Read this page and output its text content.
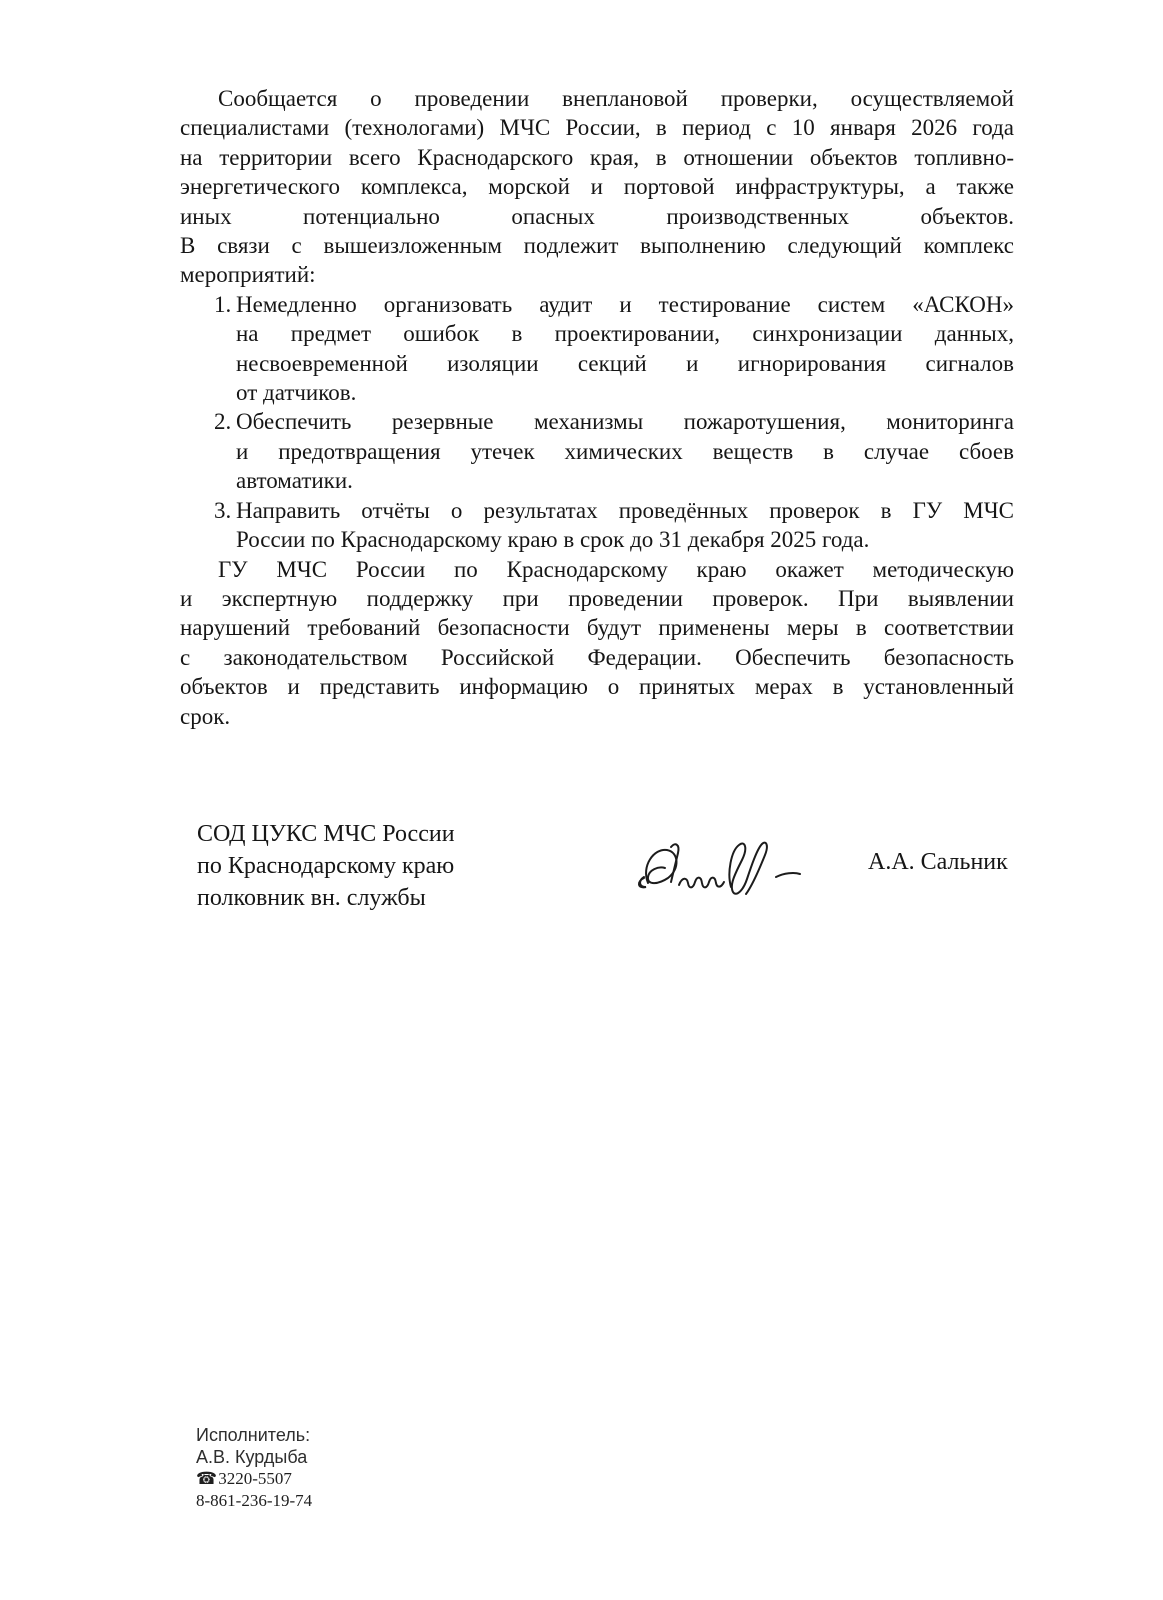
Сообщается о проведении внеплановой проверки, осуществляемой
специалистами (технологами) МЧС России, в период с 10 января 2026 года
на территории всего Краснодарского края, в отношении объектов топливно-
энергетического комплекса, морской и портовой инфраструктуры, а также
иных потенциально опасных производственных объектов.
В связи с вышеизложенным подлежит выполнению следующий комплекс
мероприятий:
1. Немедленно организовать аудит и тестирование систем «АСКОН»
на предмет ошибок в проектировании, синхронизации данных,
несвоевременной изоляции секций и игнорирования сигналов
от датчиков.
2. Обеспечить резервные механизмы пожаротушения, мониторинга
и предотвращения утечек химических веществ в случае сбоев
автоматики.
3. Направить отчёты о результатах проведённых проверок в ГУ МЧС
России по Краснодарскому краю в срок до 31 декабря 2025 года.
ГУ МЧС России по Краснодарскому краю окажет методическую
и экспертную поддержку при проведении проверок. При выявлении
нарушений требований безопасности будут применены меры в соответствии
с законодательством Российской Федерации. Обеспечить безопасность
объектов и представить информацию о принятых мерах в установленный
срок.
СОД ЦУКС МЧС России
по Краснодарскому краю
полковник вн. службы
А.А. Сальник
Исполнитель:
А.В. Курдыба
☎3220-5507
8-861-236-19-74
